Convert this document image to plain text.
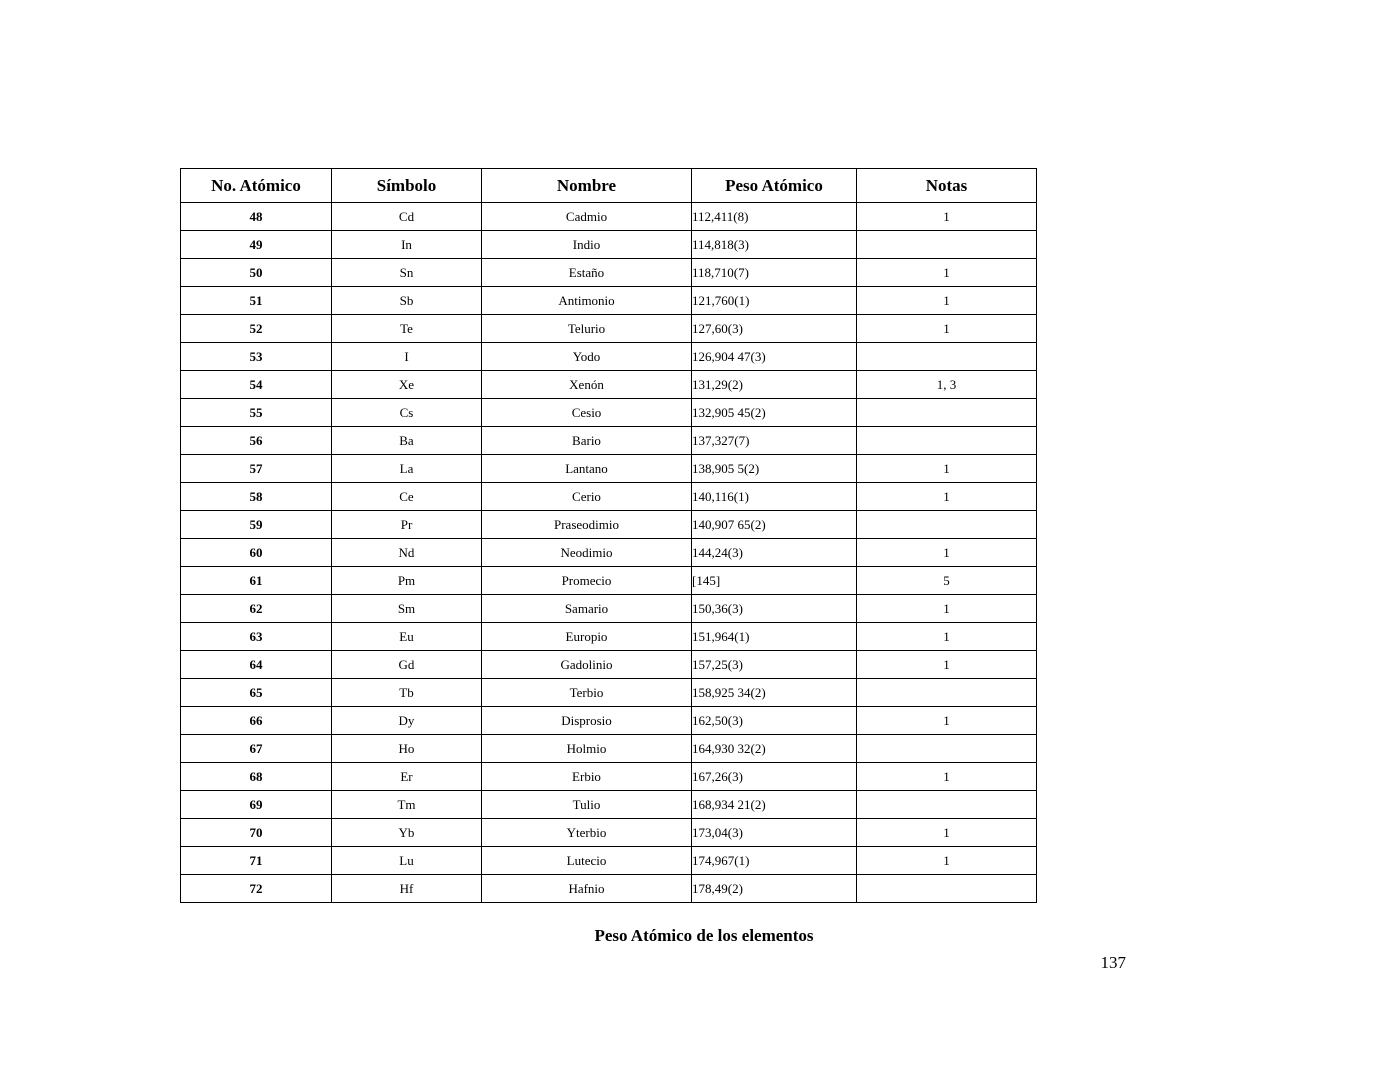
No. Atómico	Símbolo	Nombre	Peso Atómico	Notas
48	Cd	Cadmio	112,411(8)	1
49	In	Indio	114,818(3)	
50	Sn	Estaño	118,710(7)	1
51	Sb	Antimonio	121,760(1)	1
52	Te	Telurio	127,60(3)	1
53	I	Yodo	126,904 47(3)	
54	Xe	Xenón	131,29(2)	1, 3
55	Cs	Cesio	132,905 45(2)	
56	Ba	Bario	137,327(7)	
57	La	Lantano	138,905 5(2)	1
58	Ce	Cerio	140,116(1)	1
59	Pr	Praseodimio	140,907 65(2)	
60	Nd	Neodimio	144,24(3)	1
61	Pm	Promecio	[145]	5
62	Sm	Samario	150,36(3)	1
63	Eu	Europio	151,964(1)	1
64	Gd	Gadolinio	157,25(3)	1
65	Tb	Terbio	158,925 34(2)	
66	Dy	Disprosio	162,50(3)	1
67	Ho	Holmio	164,930 32(2)	
68	Er	Erbio	167,26(3)	1
69	Tm	Tulio	168,934 21(2)	
70	Yb	Yterbio	173,04(3)	1
71	Lu	Lutecio	174,967(1)	1
72	Hf	Hafnio	178,49(2)	
Peso Atómico de los elementos
137
